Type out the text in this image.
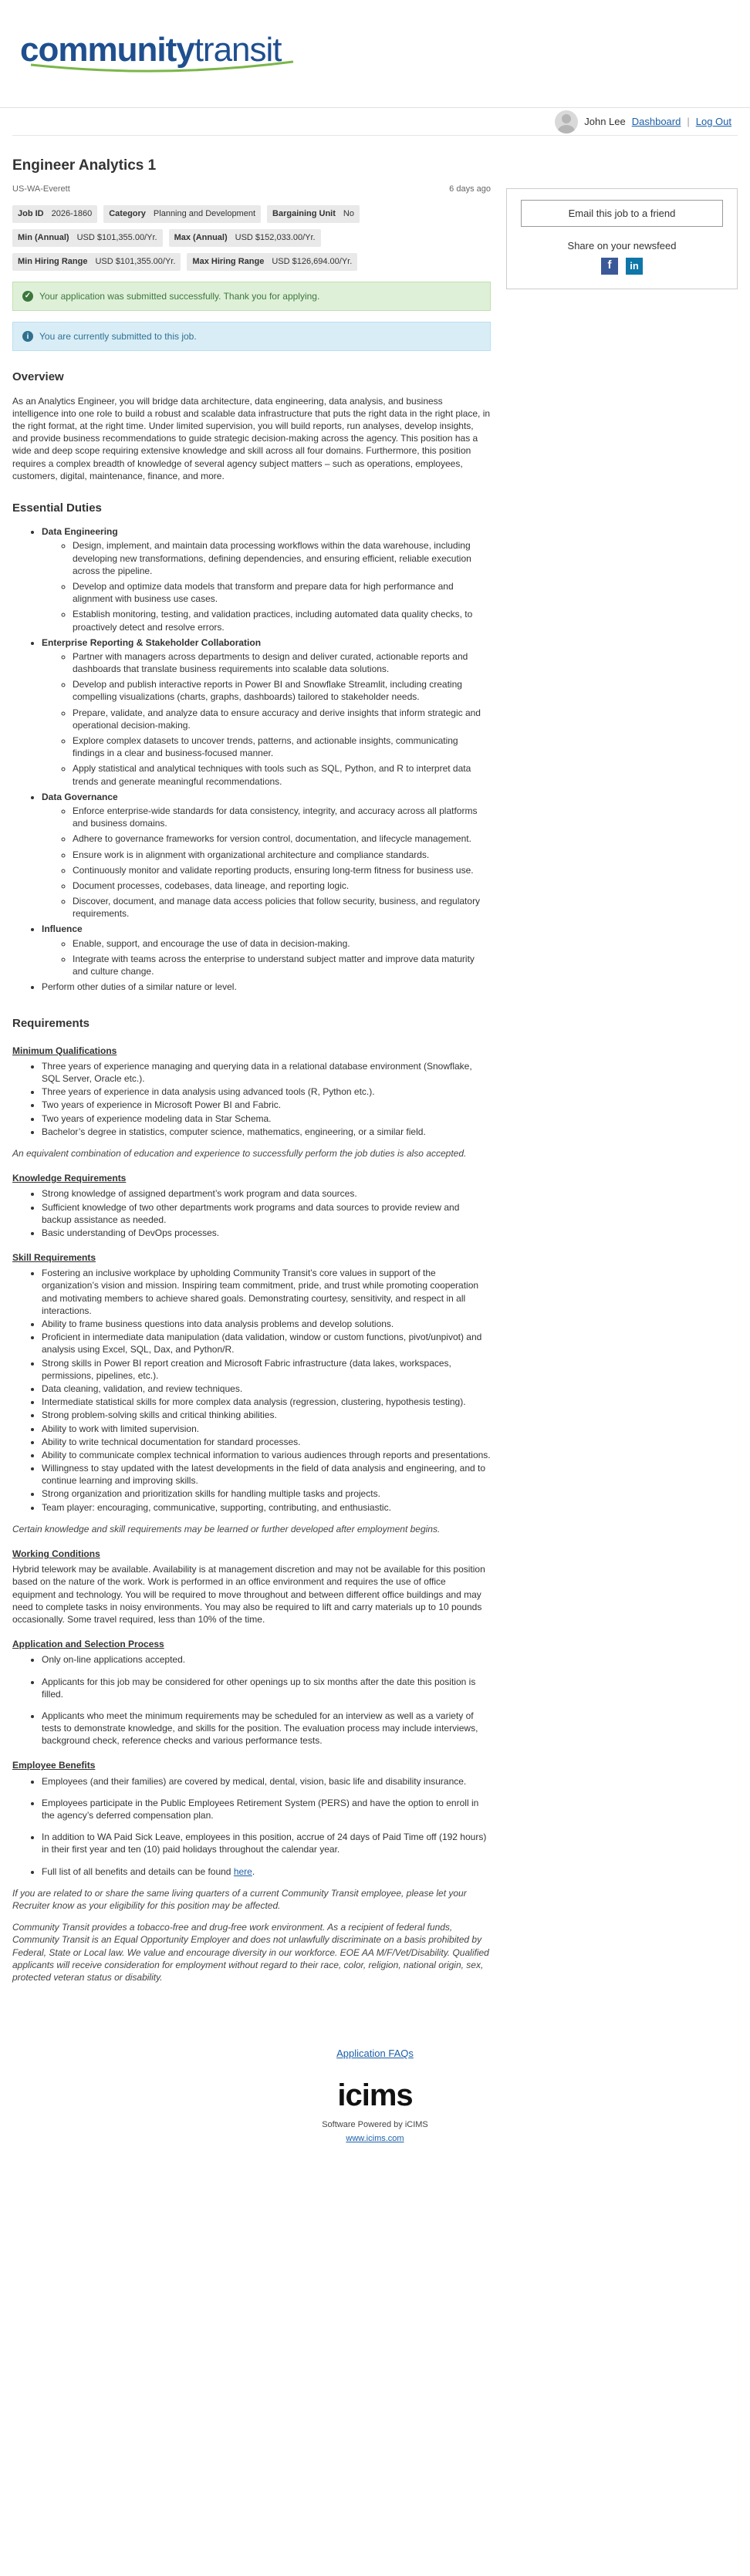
communitytransit
John Lee Dashboard | Log Out
Engineer Analytics 1
US-WA-Everett	6 days ago
Job ID 2026-1860	Category Planning and Development	Bargaining Unit No
Min (Annual) USD $101,355.00/Yr.	Max (Annual) USD $152,033.00/Yr.
Min Hiring Range USD $101,355.00/Yr.	Max Hiring Range USD $126,694.00/Yr.
✓ Your application was submitted successfully. Thank you for applying.
i	You are currently submitted to this job.
Overview

As an Analytics Engineer, you will bridge data architecture, data engineering, data analysis, and business intelligence into one role to build a robust and scalable data infrastructure that puts the right data in the right place, in the right format, at the right time. Under limited supervision, you will build reports, run analyses, develop insights, and provide business recommendations to guide strategic decision-making across the agency. This position has a wide and deep scope requiring extensive knowledge and skill across all four domains. Furthermore, this position requires a complex breadth of knowledge of several agency subject matters – such as operations, employees, customers, digital, maintenance, finance, and more.

Essential Duties
• Data Engineering
◦ Design, implement, and maintain data processing workflows within the data warehouse, including developing new transformations, defining dependencies, and ensuring efficient, reliable execution across the pipeline.
◦ Develop and optimize data models that transform and prepare data for high performance and alignment with business use cases.
◦ Establish monitoring, testing, and validation practices, including automated data quality checks, to proactively detect and resolve errors.
• Enterprise Reporting & Stakeholder Collaboration
◦ Partner with managers across departments to design and deliver curated, actionable reports and dashboards that translate business requirements into scalable data solutions.
◦ Develop and publish interactive reports in Power BI and Snowflake Streamlit, including creating compelling visualizations (charts, graphs, dashboards) tailored to stakeholder needs.
◦ Prepare, validate, and analyze data to ensure accuracy and derive insights that inform strategic and operational decision-making.
◦ Explore complex datasets to uncover trends, patterns, and actionable insights, communicating findings in a clear and business-focused manner.
◦ Apply statistical and analytical techniques with tools such as SQL, Python, and R to interpret data trends and generate meaningful recommendations.
• Data Governance
◦ Enforce enterprise-wide standards for data consistency, integrity, and accuracy across all platforms and business domains.
◦ Adhere to governance frameworks for version control, documentation, and lifecycle management.
◦ Ensure work is in alignment with organizational architecture and compliance standards.
◦ Continuously monitor and validate reporting products, ensuring long-term fitness for business use.
◦ Document processes, codebases, data lineage, and reporting logic.
◦ Discover, document, and manage data access policies that follow security, business, and regulatory requirements.
• Influence
◦ Enable, support, and encourage the use of data in decision-making.
◦ Integrate with teams across the enterprise to understand subject matter and improve data maturity and culture change.
• Perform other duties of a similar nature or level.
Requirements
Minimum Qualifications
• Three years of experience managing and querying data in a relational database environment (Snowflake, SQL Server, Oracle etc.).
• Three years of experience in data analysis using advanced tools (R, Python etc.).
• Two years of experience in Microsoft Power BI and Fabric.
• Two years of experience modeling data in Star Schema.
• Bachelor’s degree in statistics, computer science, mathematics, engineering, or a similar field.

An equivalent combination of education and experience to successfully perform the job duties is also accepted.

Knowledge Requirements
• Strong knowledge of assigned department’s work program and data sources.
• Sufficient knowledge of two other departments work programs and data sources to provide review and backup assistance as needed.
• Basic understanding of DevOps processes.
Skill Requirements
• Fostering an inclusive workplace by upholding Community Transit’s core values in support of the organization’s vision and mission. Inspiring team commitment, pride, and trust while promoting cooperation and motivating members to achieve shared goals. Demonstrating courtesy, sensitivity, and respect in all interactions.
• Ability to frame business questions into data analysis problems and develop solutions.
• Proficient in intermediate data manipulation (data validation, window or custom functions, pivot/unpivot) and analysis using Excel, SQL, Dax, and Python/R.
• Strong skills in Power BI report creation and Microsoft Fabric infrastructure (data lakes, workspaces, permissions, pipelines, etc.).
• Data cleaning, validation, and review techniques.
• Intermediate statistical skills for more complex data analysis (regression, clustering, hypothesis testing).
• Strong problem-solving skills and critical thinking abilities.
• Ability to work with limited supervision.
• Ability to write technical documentation for standard processes.
• Ability to communicate complex technical information to various audiences through reports and presentations.
• Willingness to stay updated with the latest developments in the field of data analysis and engineering, and to continue learning and improving skills.
• Strong organization and prioritization skills for handling multiple tasks and projects.
• Team player: encouraging, communicative, supporting, contributing, and enthusiastic.

Certain knowledge and skill requirements may be learned or further developed after employment begins.

Working Conditions

Hybrid telework may be available. Availability is at management discretion and may not be available for this position based on the nature of the work. Work is performed in an office environment and requires the use of office equipment and technology. You will be required to move throughout and between different office buildings and may need to complete tasks in noisy environments. You may also be required to lift and carry materials up to 10 pounds occasionally. Some travel required, less than 10% of the time.

Application and Selection Process
• Only on-line applications accepted.
• Applicants for this job may be considered for other openings up to six months after the date this position is filled.
• Applicants who meet the minimum requirements may be scheduled for an interview as well as a variety of tests to demonstrate knowledge, and skills for the position. The evaluation process may include interviews, background check, reference checks and various performance tests.
Employee Benefits
• Employees (and their families) are covered by medical, dental, vision, basic life and disability insurance.
• Employees participate in the Public Employees Retirement System (PERS) and have the option to enroll in the agency’s deferred compensation plan.
• In addition to WA Paid Sick Leave, employees in this position, accrue of 24 days of Paid Time off (192 hours) in their first year and ten (10) paid holidays throughout the calendar year.
• Full list of all benefits and details can be found here.

If you are related to or share the same living quarters of a current Community Transit employee, please let your Recruiter know as your eligibility for this position may be affected.

Community Transit provides a tobacco-free and drug-free work environment. As a recipient of federal funds, Community Transit is an Equal Opportunity Employer and does not unlawfully discriminate on a basis prohibited by Federal, State or Local law. We value and encourage diversity in our workforce. EOE AA M/F/Vet/Disability. Qualified applicants will receive consideration for employment without regard to their race, color, religion, national origin, sex, protected veteran status or disability.

Email this job to a friend
Share on your newsfeed
f	in
Application FAQs
icims
Software Powered by iCIMS
www.icims.com
